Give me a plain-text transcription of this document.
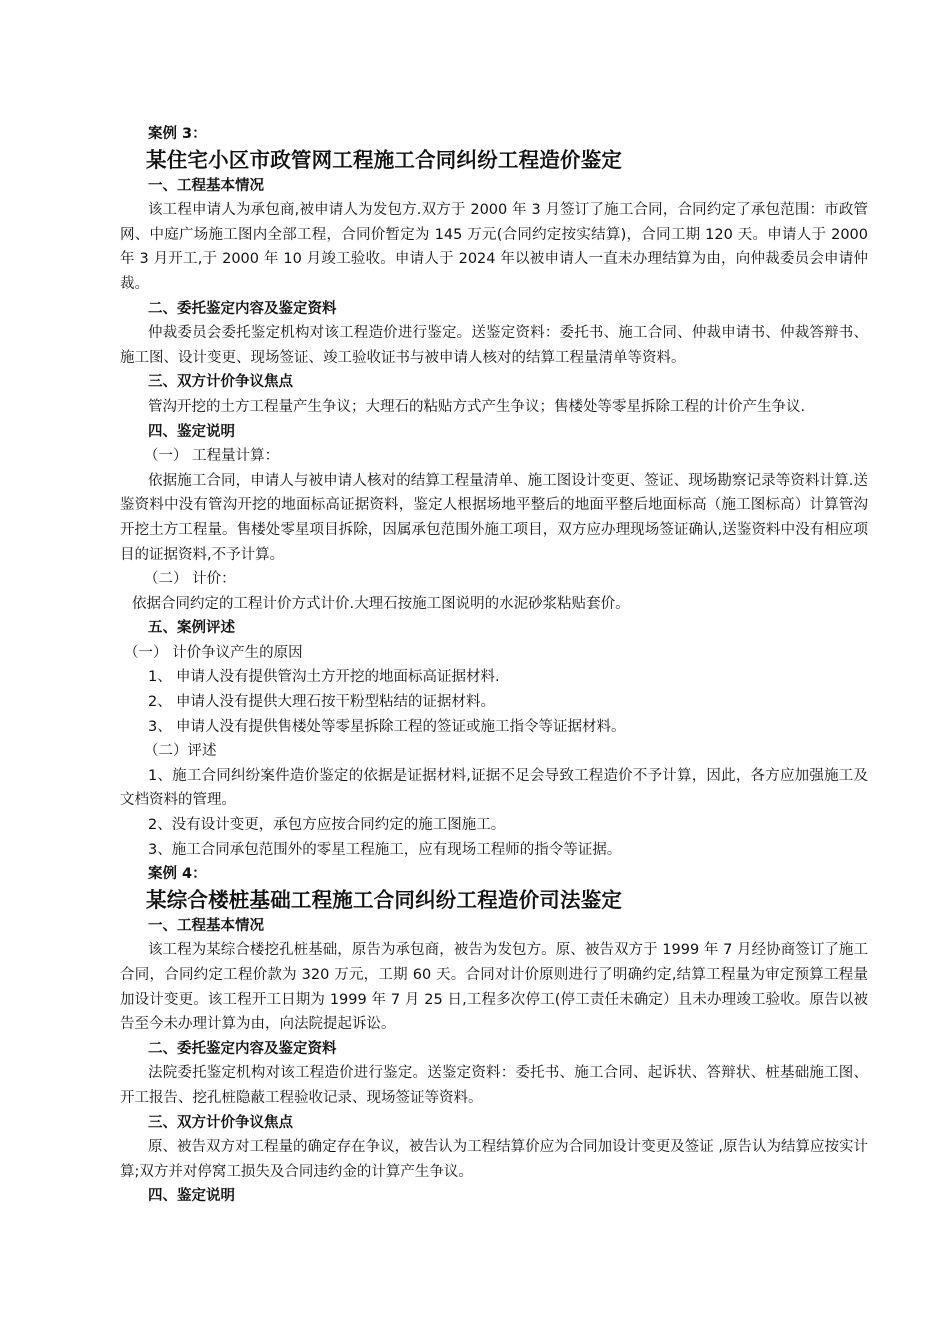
案例 3：
某住宅小区市政管网工程施工合同纠纷工程造价鉴定
一、工程基本情况
该工程申请人为承包商,被申请人为发包方.双方于 2000 年 3 月签订了施工合同，合同约定了承包范围：市政管网、中庭广场施工图内全部工程，合同价暂定为 145 万元(合同约定按实结算)，合同工期 120 天。申请人于 2000 年 3 月开工,于 2000 年 10 月竣工验收。申请人于 2024 年以被申请人一直未办理结算为由，向仲裁委员会申请仲裁。
二、委托鉴定内容及鉴定资料
仲裁委员会委托鉴定机构对该工程造价进行鉴定。送鉴定资料：委托书、施工合同、仲裁申请书、仲裁答辩书、施工图、设计变更、现场签证、竣工验收证书与被申请人核对的结算工程量清单等资料。
三、双方计价争议焦点
管沟开挖的土方工程量产生争议；大理石的粘贴方式产生争议；售楼处等零星拆除工程的计价产生争议.
四、鉴定说明
（一） 工程量计算：
依据施工合同，申请人与被申请人核对的结算工程量清单、施工图设计变更、签证、现场勘察记录等资料计算.送鉴资料中没有管沟开挖的地面标高证据资料，鉴定人根据场地平整后的地面平整后地面标高（施工图标高）计算管沟开挖土方工程量。售楼处零星项目拆除，因属承包范围外施工项目，双方应办理现场签证确认,送鉴资料中没有相应项目的证据资料,不予计算。
（二） 计价：
依据合同约定的工程计价方式计价.大理石按施工图说明的水泥砂浆粘贴套价。
五、案例评述
（一） 计价争议产生的原因
1、 申请人没有提供管沟土方开挖的地面标高证据材料.
2、 申请人没有提供大理石按干粉型粘结的证据材料。
3、 申请人没有提供售楼处等零星拆除工程的签证或施工指令等证据材料。
（二）评述
1、施工合同纠纷案件造价鉴定的依据是证据材料,证据不足会导致工程造价不予计算，因此，各方应加强施工及文档资料的管理。
2、没有设计变更，承包方应按合同约定的施工图施工。
3、施工合同承包范围外的零星工程施工，应有现场工程师的指令等证据。
案例 4：
某综合楼桩基础工程施工合同纠纷工程造价司法鉴定
一、工程基本情况
该工程为某综合楼挖孔桩基础，原告为承包商，被告为发包方。原、被告双方于 1999 年 7 月经协商签订了施工合同，合同约定工程价款为 320 万元，工期 60 天。合同对计价原则进行了明确约定,结算工程量为审定预算工程量加设计变更。该工程开工日期为 1999 年 7 月 25 日,工程多次停工(停工责任未确定）且未办理竣工验收。原告以被告至今未办理计算为由，向法院提起诉讼。
二、委托鉴定内容及鉴定资料
法院委托鉴定机构对该工程造价进行鉴定。送鉴定资料：委托书、施工合同、起诉状、答辩状、桩基础施工图、开工报告、挖孔桩隐蔽工程验收记录、现场签证等资料。
三、双方计价争议焦点
原、被告双方对工程量的确定存在争议，被告认为工程结算价应为合同加设计变更及签证 ,原告认为结算应按实计算;双方并对停窝工损失及合同违约金的计算产生争议。
四、鉴定说明
